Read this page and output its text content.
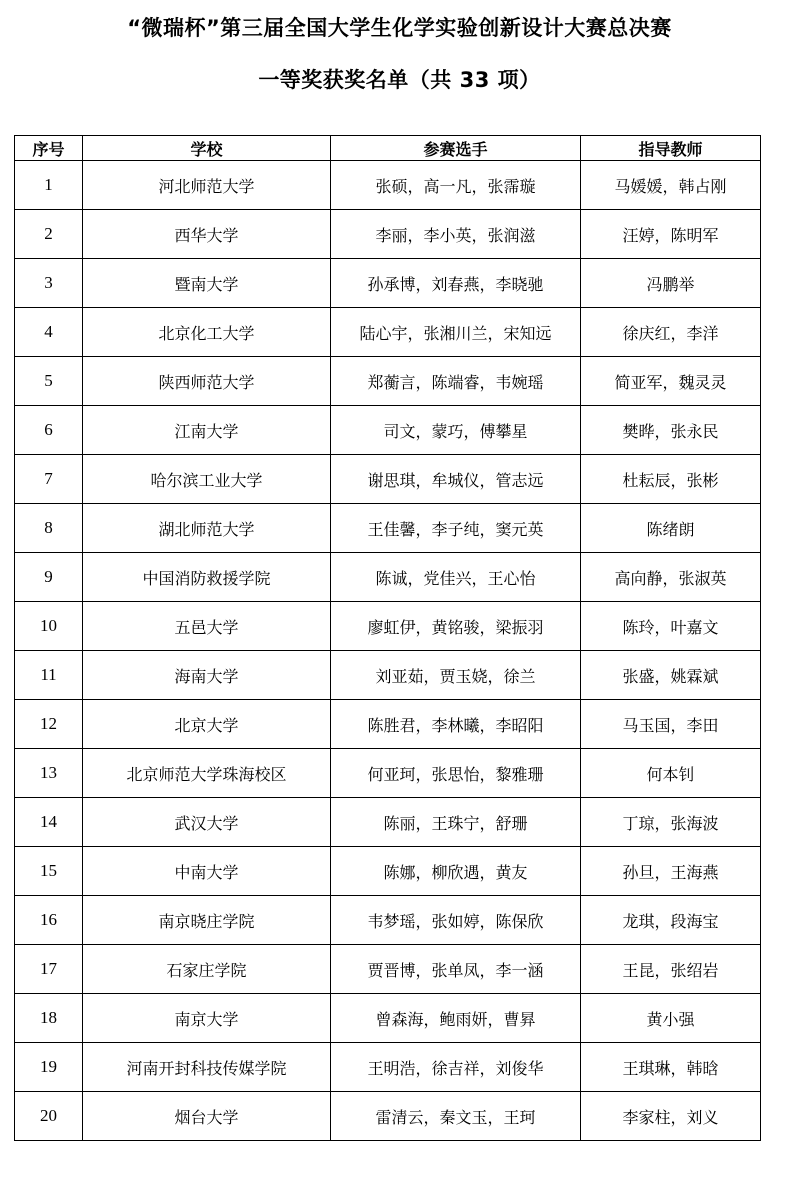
“微瑞杯”第三届全国大学生化学实验创新设计大赛总决赛
一等奖获奖名单（共 33 项）
序号	学校	参赛选手	指导教师
1	河北师范大学	张硕，高一凡，张霈璇	马媛媛，韩占刚
2	西华大学	李丽，李小英，张润滋	汪婷，陈明军
3	暨南大学	孙承博，刘春燕，李晓驰	冯鹏举
4	北京化工大学	陆心宇，张湘川兰，宋知远	徐庆红，李洋
5	陕西师范大学	郑蘅言，陈端睿，韦婉瑶	简亚军，魏灵灵
6	江南大学	司文，蒙巧，傅攀星	樊晔，张永民
7	哈尔滨工业大学	谢思琪，牟城仪，管志远	杜耘辰，张彬
8	湖北师范大学	王佳馨，李子纯，窦元英	陈绪朗
9	中国消防救援学院	陈诚，党佳兴，王心怡	高向静，张淑英
10	五邑大学	廖虹伊，黄铭骏，梁振羽	陈玲，叶嘉文
11	海南大学	刘亚茹，贾玉娆，徐兰	张盛，姚霖斌
12	北京大学	陈胜君，李林曦，李昭阳	马玉国，李田
13	北京师范大学珠海校区	何亚珂，张思怡，黎雅珊	何本钊
14	武汉大学	陈丽，王珠宁，舒珊	丁琼，张海波
15	中南大学	陈娜，柳欣遇，黄友	孙旦，王海燕
16	南京晓庄学院	韦梦瑶，张如婷，陈保欣	龙琪，段海宝
17	石家庄学院	贾晋博，张单凤，李一涵	王昆，张绍岩
18	南京大学	曾森海，鲍雨妍，曹昪	黄小强
19	河南开封科技传媒学院	王明浩，徐吉祥，刘俊华	王琪琳，韩晗
20	烟台大学	雷清云，秦文玉，王珂	李家柱，刘义
